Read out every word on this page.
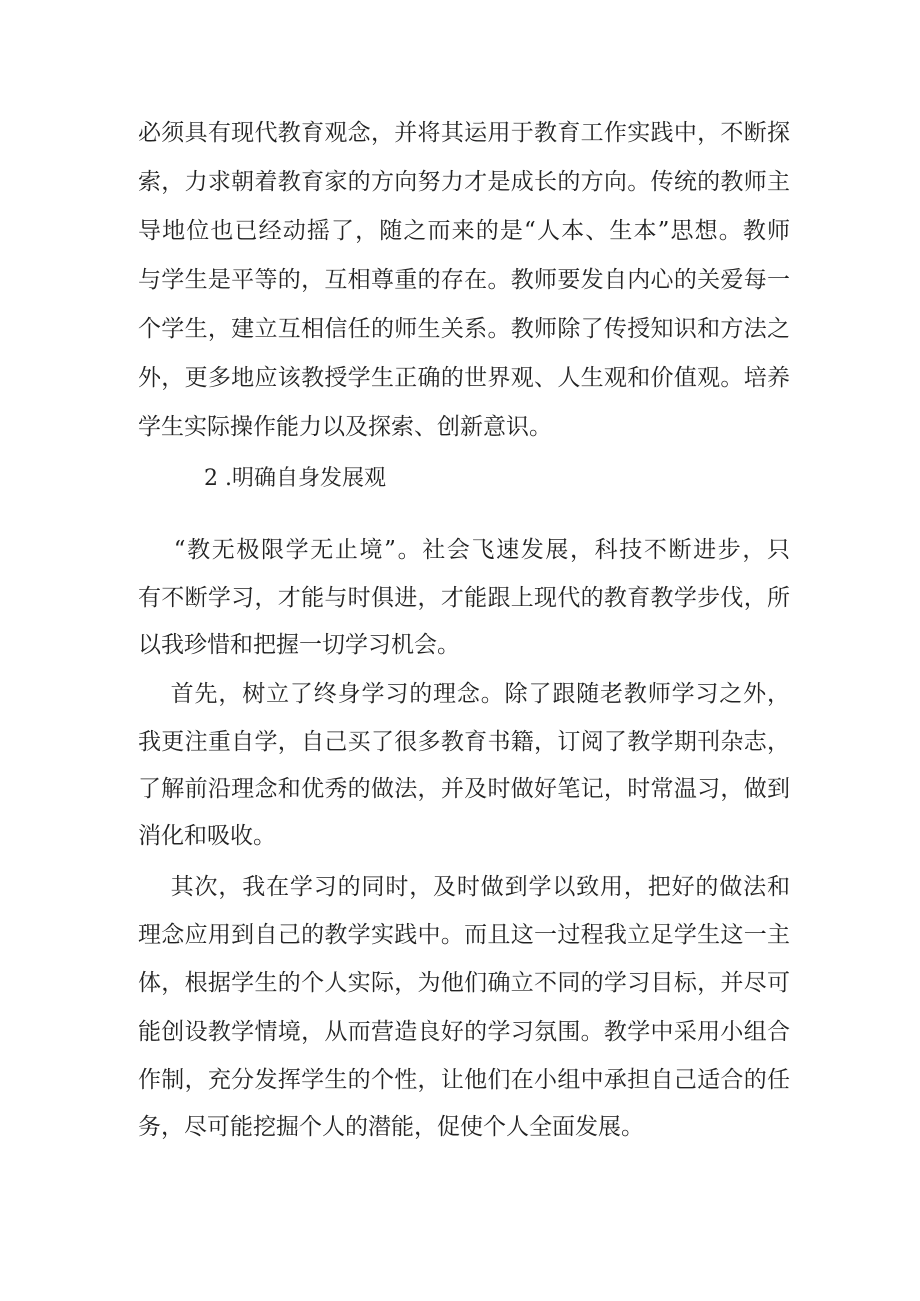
必须具有现代教育观念，并将其运用于教育工作实践中，不断探
索，力求朝着教育家的方向努力才是成长的方向。传统的教师主
导地位也已经动摇了，随之而来的是“人本、生本”思想。教师
与学生是平等的，互相尊重的存在。教师要发自内心的关爱每一
个学生，建立互相信任的师生关系。教师除了传授知识和方法之
外，更多地应该教授学生正确的世界观、人生观和价值观。培养
学生实际操作能力以及探索、创新意识。
2 .明确自身发展观
“教无极限学无止境”。社会飞速发展，科技不断进步，只
有不断学习，才能与时俱进，才能跟上现代的教育教学步伐，所
以我珍惜和把握一切学习机会。
首先，树立了终身学习的理念。除了跟随老教师学习之外，
我更注重自学，自己买了很多教育书籍，订阅了教学期刊杂志，
了解前沿理念和优秀的做法，并及时做好笔记，时常温习，做到
消化和吸收。
其次，我在学习的同时，及时做到学以致用，把好的做法和
理念应用到自己的教学实践中。而且这一过程我立足学生这一主
体，根据学生的个人实际，为他们确立不同的学习目标，并尽可
能创设教学情境，从而营造良好的学习氛围。教学中采用小组合
作制，充分发挥学生的个性，让他们在小组中承担自己适合的任
务，尽可能挖掘个人的潜能，促使个人全面发展。
